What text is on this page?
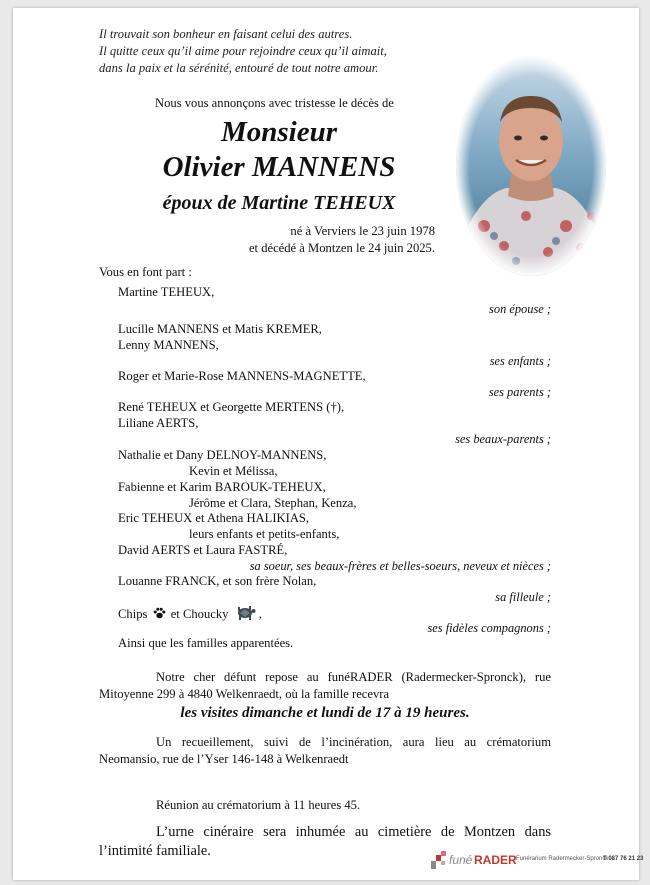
Il trouvait son bonheur en faisant celui des autres.
Il quitte ceux qu’il aime pour rejoindre ceux qu’il aimait,
dans la paix et la sérénité, entouré de tout notre amour.
Nous vous annonçons avec tristesse le décès de
Monsieur
Olivier MANNENS
époux de Martine TEHEUX
né à Verviers le 23 juin 1978
et décédé à Montzen le 24 juin 2025.
Vous en font part :
Martine TEHEUX,
son épouse ;
Lucille MANNENS et Matis KREMER,
Lenny MANNENS,
ses enfants ;
Roger et Marie-Rose MANNENS-MAGNETTE,
ses parents ;
René TEHEUX et Georgette MERTENS (†),
Liliane AERTS,
ses beaux-parents ;
Nathalie et Dany DELNOY-MANNENS,
Kevin et Mélissa,
Fabienne et Karim BAROUK-TEHEUX,
Jérôme et Clara, Stephan, Kenza,
Eric TEHEUX et Athena HALIKIAS,
leurs enfants et petits-enfants,
David AERTS et Laura FASTRÉ,
sa soeur, ses beaux-frères et belles-soeurs, neveux et nièces ;
Louanne FRANCK, et son frère Nolan,
sa filleule ;
Chips et Choucky ,
ses fidèles compagnons ;
Ainsi que les familles apparentées.
Notre cher défunt repose au funéRADER (Radermecker-Spronck), rue Mitoyenne 299 à 4840 Welkenraedt, où la famille recevra
les visites dimanche et lundi de 17 à 19 heures.
Un recueillement, suivi de l’incinération, aura lieu au crématorium Neomansio, rue de l’Yser 146-148 à Welkenraedt
Réunion au crématorium à 11 heures 45.
L’urne cinéraire sera inhumée au cimetière de Montzen dans l’intimité familiale.
funé RADER Funérarium Radermecker-Spronck
T 087 76 21 23
